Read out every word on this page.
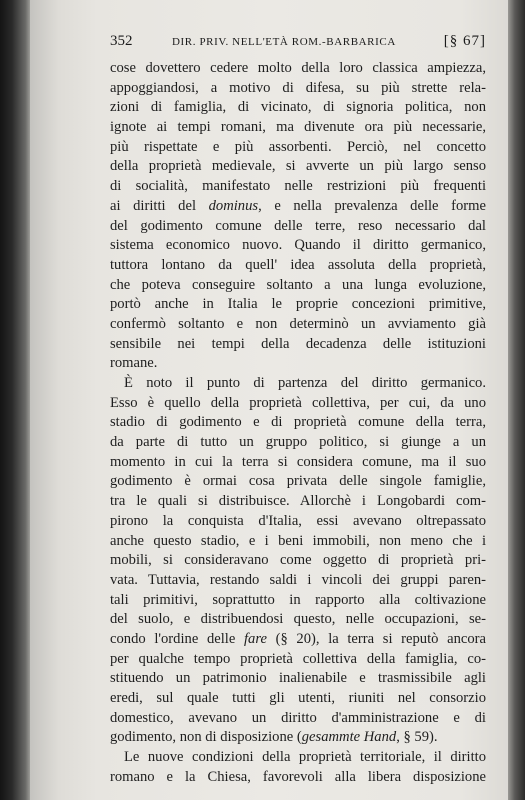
352	DIR. PRIV. NELL'ETÀ ROM.-BARBARICA	[§ 67]
cose dovettero cedere molto della loro classica ampiezza,
appoggiandosi, a motivo di difesa, su più strette rela-
zioni di famiglia, di vicinato, di signoria politica, non
ignote ai tempi romani, ma divenute ora più necessarie,
più rispettate e più assorbenti. Perciò, nel concetto
della proprietà medievale, si avverte un più largo senso
di socialità, manifestato nelle restrizioni più frequenti
ai diritti del dominus, e nella prevalenza delle forme
del godimento comune delle terre, reso necessario dal
sistema economico nuovo. Quando il diritto germanico,
tuttora lontano da quell' idea assoluta della proprietà,
che poteva conseguire soltanto a una lunga evoluzione,
portò anche in Italia le proprie concezioni primitive,
confermò soltanto e non determinò un avviamento già
sensibile nei tempi della decadenza delle istituzioni
romane.
È noto il punto di partenza del diritto germanico.
Esso è quello della proprietà collettiva, per cui, da uno
stadio di godimento e di proprietà comune della terra,
da parte di tutto un gruppo politico, si giunge a un
momento in cui la terra si considera comune, ma il suo
godimento è ormai cosa privata delle singole famiglie,
tra le quali si distribuisce. Allorchè i Longobardi com-
pirono la conquista d'Italia, essi avevano oltrepassato
anche questo stadio, e i beni immobili, non meno che i
mobili, si consideravano come oggetto di proprietà pri-
vata. Tuttavia, restando saldi i vincoli dei gruppi paren-
tali primitivi, soprattutto in rapporto alla coltivazione
del suolo, e distribuendosi questo, nelle occupazioni, se-
condo l'ordine delle fare (§ 20), la terra si reputò ancora
per qualche tempo proprietà collettiva della famiglia, co-
stituendo un patrimonio inalienabile e trasmissibile agli
eredi, sul quale tutti gli utenti, riuniti nel consorzio
domestico, avevano un diritto d'amministrazione e di
godimento, non di disposizione (gesammte Hand, § 59).
Le nuove condizioni della proprietà territoriale, il diritto
romano e la Chiesa, favorevoli alla libera disposizione
